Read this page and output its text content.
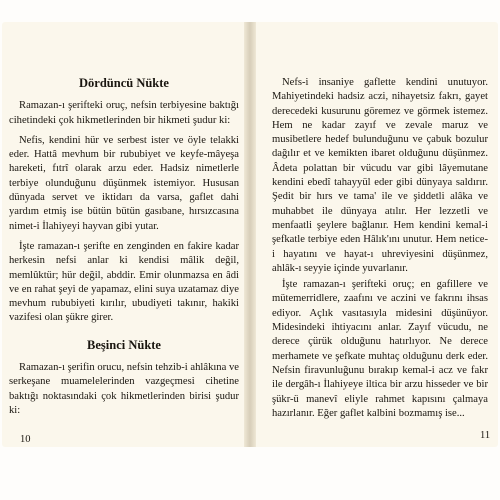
Dördüncü Nükte

Ramazan-ı şerifteki oruç, nefsin terbiyesine baktığı cihetindeki çok hikmetlerinden bir hikmeti şudur ki:

Nefis, kendini hür ve serbest ister ve öyle telakki eder. Hattâ mevhum bir rububiyet ve keyfe-mâyeşa hareketi, fıtrî olarak arzu eder. Hadsiz nimetlerle terbiye olunduğunu düşünmek istemiyor. Hususan dünyada servet ve iktidarı da varsa, gaflet dahi yardım etmiş ise bütün bütün gasıbane, hırsızcasına nimet-i İlahiyeyi hayvan gibi yutar.

İşte ramazan-ı şerifte en zenginden en fakire kadar herkesin nefsi anlar ki kendisi mâlik değil, memlûktür; hür değil, abddir. Emir olunmazsa en âdi ve en rahat şeyi de yapamaz, elini suya uzatamaz diye mevhum rububiyeti kırılır, ubudiyeti takınır, hakiki vazifesi olan şükre girer.

Beşinci Nükte

Ramazan-ı şerifin orucu, nefsin tehzib-i ahlâkına ve serkeşane muamelelerinden vazgeçmesi cihetine baktığı noktasındaki çok hikmetlerinden birisi şudur ki:

10

Nefs-i insaniye gaflette kendini unutuyor. Mahiyetindeki hadsiz aczi, nihayetsiz fakrı, gayet derecedeki kusurunu göremez ve görmek istemez. Hem ne kadar zayıf ve zevale maruz ve musibetlere hedef bulunduğunu ve çabuk bozulur dağılır et ve kemikten ibaret olduğunu düşünmez. Âdeta polattan bir vücudu var gibi lâyemutane kendini ebedî tahayyül eder gibi dünyaya saldırır. Şedit bir hırs ve tama' ile ve şiddetli alâka ve muhabbet ile dünyaya atılır. Her lezzetli ve menfaatli şeylere bağlanır. Hem kendini kemal-i şefkatle terbiye eden Hâlık'ını unutur. Hem netice-i hayatını ve hayat-ı uhreviyesini düşünmez, ahlâk-ı seyyie içinde yuvarlanır.

İşte ramazan-ı şerifteki oruç; en gafillere ve mütemerridlere, zaafını ve aczini ve fakrını ihsas ediyor. Açlık vasıtasıyla midesini düşünüyor. Midesindeki ihtiyacını anlar. Zayıf vücudu, ne derece çürük olduğunu hatırlıyor. Ne derece merhamete ve şefkate muhtaç olduğunu derk eder. Nefsin firavunluğunu bırakıp kemal-i acz ve fakr ile dergâh-ı İlahiyeye iltica bir arzu hisseder ve bir şükr-ü manevî eliyle rahmet kapısını çalmaya hazırlanır. Eğer gaflet kalbini bozmamış ise...

11
